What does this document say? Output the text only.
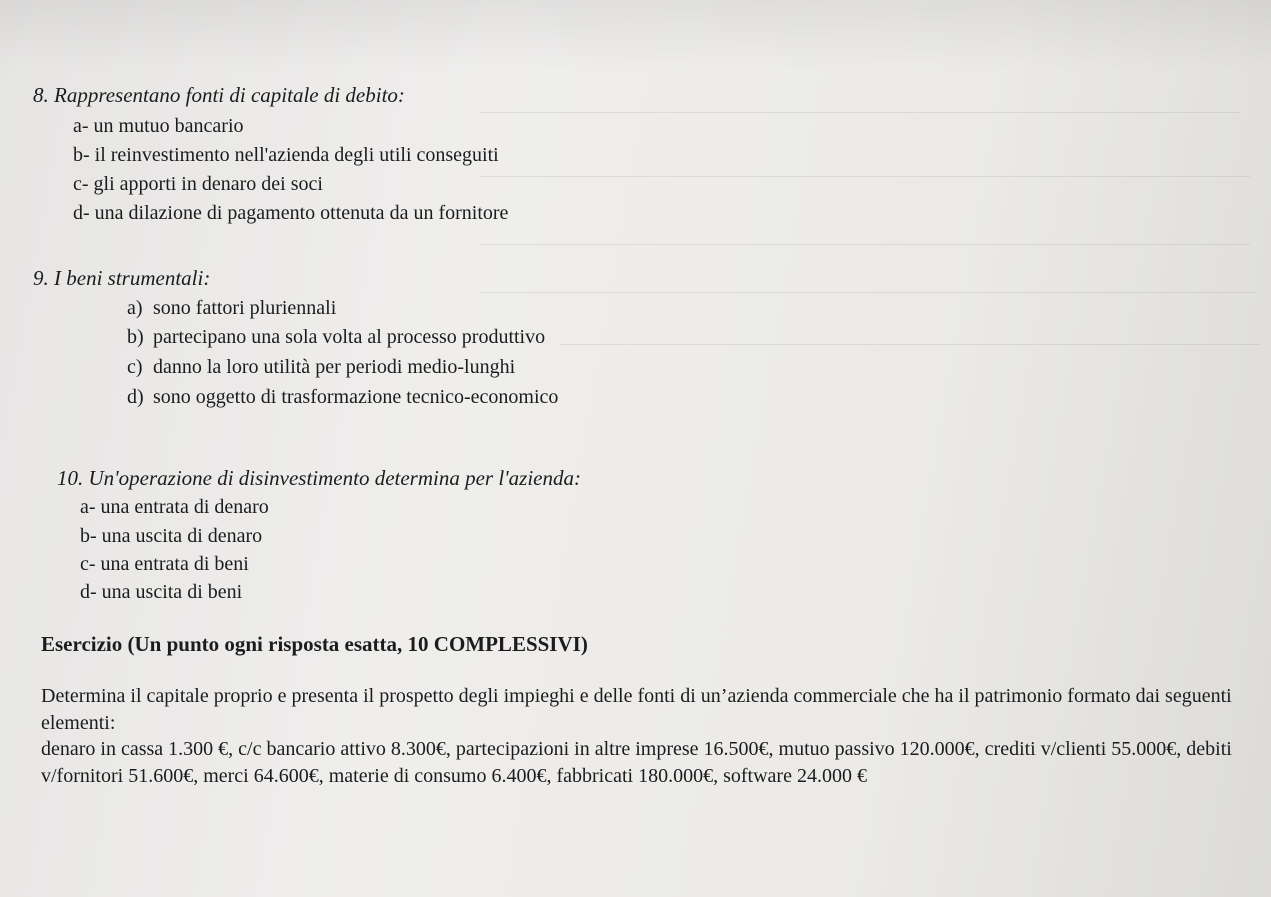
8. Rappresentano fonti di capitale di debito:
a- un mutuo bancario
b- il reinvestimento nell'azienda degli utili conseguiti
c- gli apporti in denaro dei soci
d- una dilazione di pagamento ottenuta da un fornitore
9. I beni strumentali:
a) sono fattori pluriennali
b) partecipano una sola volta al processo produttivo
c) danno la loro utilità per periodi medio-lunghi
d) sono oggetto di trasformazione tecnico-economico
10. Un'operazione di disinvestimento determina per l'azienda:
a- una entrata di denaro
b- una uscita di denaro
c- una entrata di beni
d- una uscita di beni
Esercizio (Un punto ogni risposta esatta, 10 COMPLESSIVI)

Determina il capitale proprio e presenta il prospetto degli impieghi e delle fonti di un’azienda commerciale che ha il patrimonio formato dai seguenti elementi:

denaro in cassa 1.300 €, c/c bancario attivo 8.300€, partecipazioni in altre imprese 16.500€, mutuo passivo 120.000€, crediti v/clienti 55.000€, debiti v/fornitori 51.600€, merci 64.600€, materie di consumo 6.400€, fabbricati 180.000€, software 24.000 €
